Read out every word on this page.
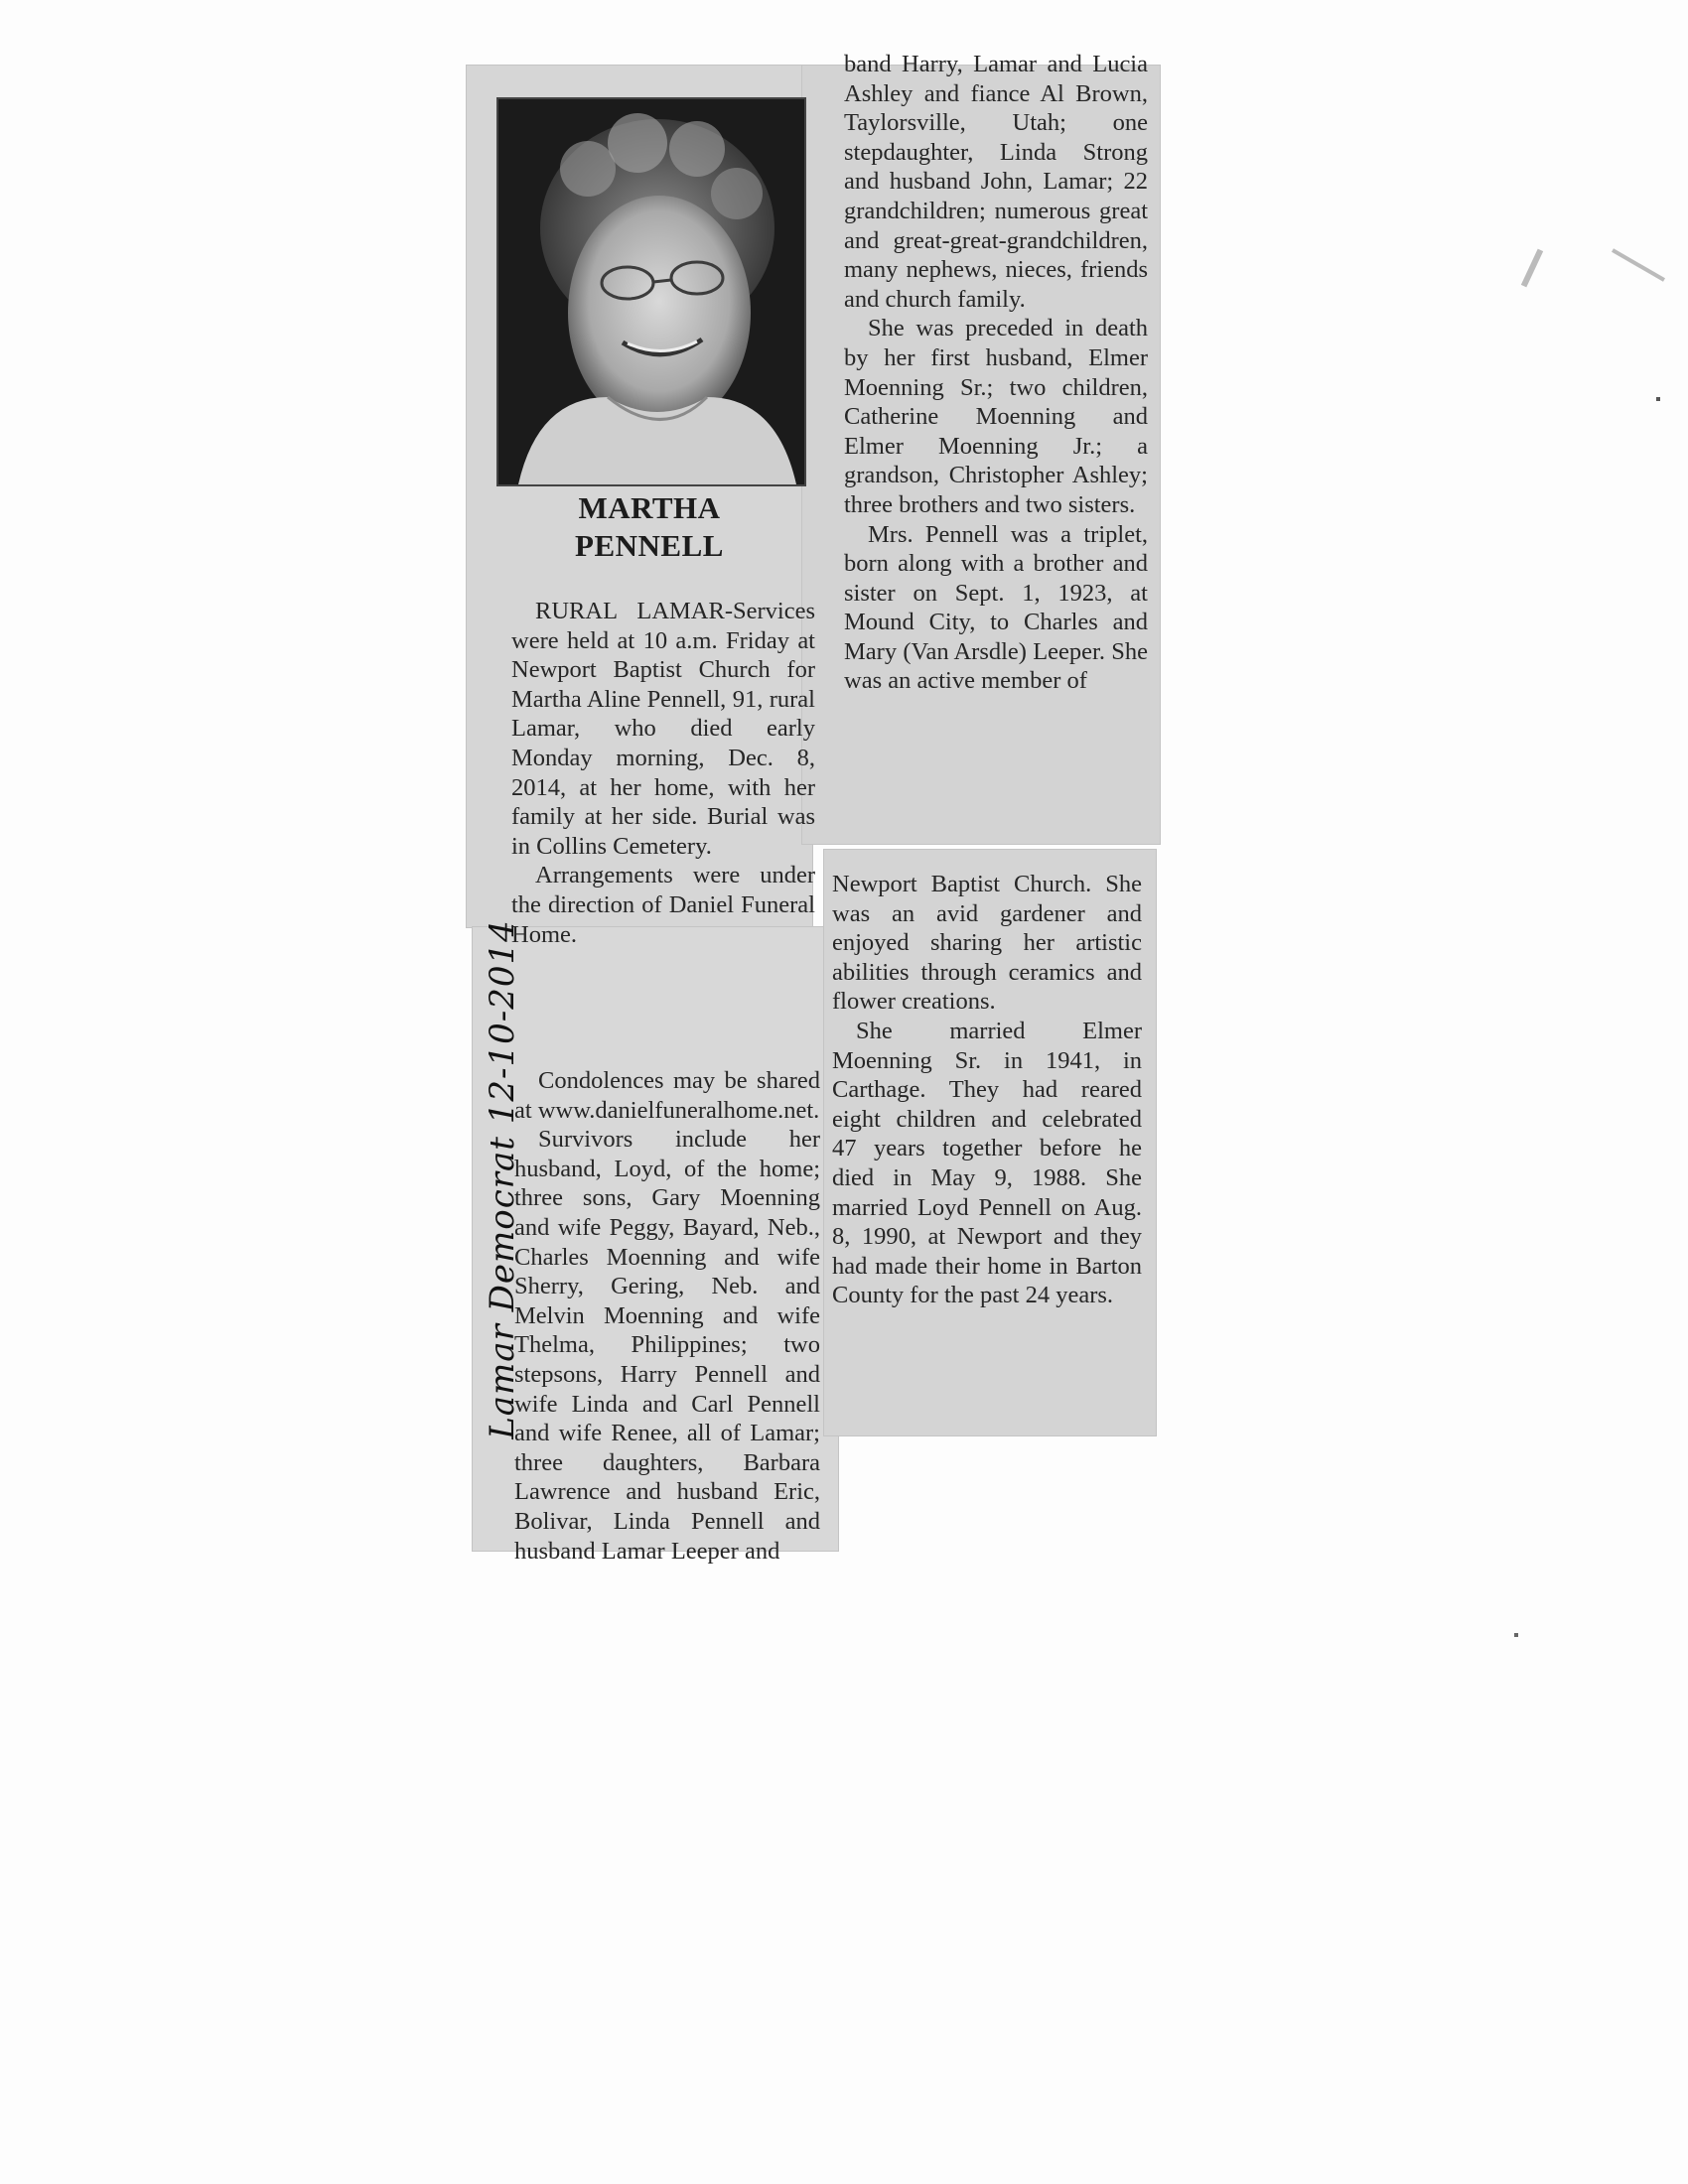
MARTHA
PENNELL

RURAL LAMAR-Services were held at 10 a.m. Friday at Newport Baptist Church for Martha Aline Pennell, 91, rural Lamar, who died early Monday morning, Dec. 8, 2014, at her home, with her family at her side. Burial was in Collins Cemetery.

Arrangements were under the direction of Daniel Funeral Home.

Lamar Democrat 12-10-2014 Condolences may be shared at www.danielfuneralhome.net.

Survivors include her husband, Loyd, of the home; three sons, Gary Moenning and wife Peggy, Bayard, Neb., Charles Moenning and wife Sherry, Gering, Neb. and Melvin Moenning and wife Thelma, Philippines; two stepsons, Harry Pennell and wife Linda and Carl Pennell and wife Renee, all of Lamar; three daughters, Barbara Lawrence and husband Eric, Bolivar, Linda Pennell and husband Lamar Leeper and

band Harry, Lamar and Lucia Ashley and fiance Al Brown, Taylorsville, Utah; one stepdaughter, Linda Strong and husband John, Lamar; 22 grandchildren; numerous great and great-great-grandchildren, many nephews, nieces, friends and church family.

She was preceded in death by her first husband, Elmer Moenning Sr.; two children, Catherine Moenning and Elmer Moenning Jr.; a grandson, Christopher Ashley; three brothers and two sisters.

Mrs. Pennell was a triplet, born along with a brother and sister on Sept. 1, 1923, at Mound City, to Charles and Mary (Van Arsdle) Leeper. She was an active member of

Newport Baptist Church. She was an avid gardener and enjoyed sharing her artistic abilities through ceramics and flower creations.

She married Elmer Moenning Sr. in 1941, in Carthage. They had reared eight children and celebrated 47 years together before he died in May 9, 1988. She married Loyd Pennell on Aug. 8, 1990, at Newport and they had made their home in Barton County for the past 24 years.
